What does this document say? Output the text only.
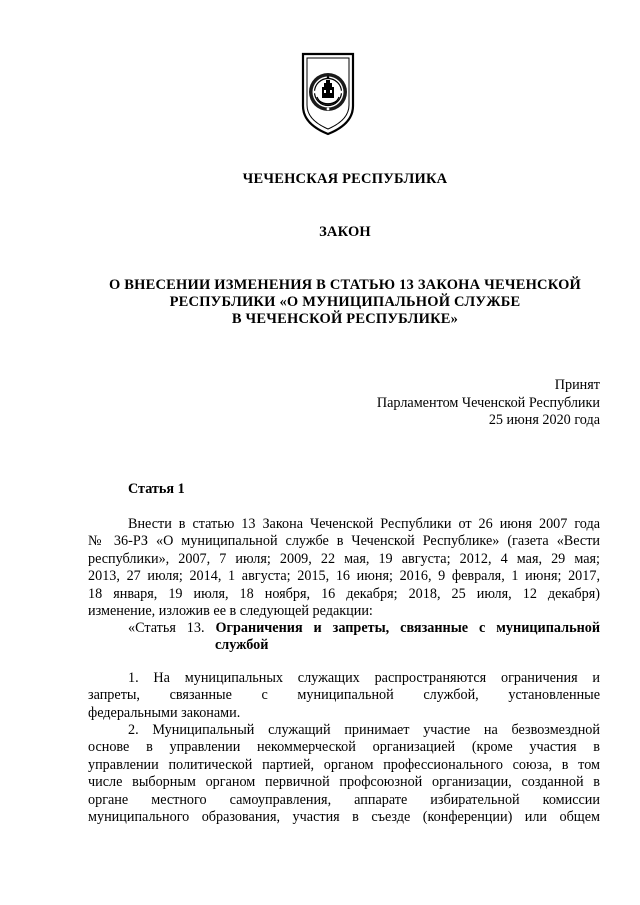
ЧЕЧЕНСКАЯ РЕСПУБЛИКА

ЗАКОН

О ВНЕСЕНИИ ИЗМЕНЕНИЯ В СТАТЬЮ 13 ЗАКОНА ЧЕЧЕНСКОЙ
РЕСПУБЛИКИ «О МУНИЦИПАЛЬНОЙ СЛУЖБЕ
В ЧЕЧЕНСКОЙ РЕСПУБЛИКЕ»

Принят
Парламентом Чеченской Республики
25 июня 2020 года

Статья 1

Внести в статью 13 Закона Чеченской Республики от 26 июня 2007 года
№ 36-РЗ «О муниципальной службе в Чеченской Республике» (газета «Вести
республики», 2007, 7 июля; 2009, 22 мая, 19 августа; 2012, 4 мая, 29 мая;
2013, 27 июля; 2014, 1 августа; 2015, 16 июня; 2016, 9 февраля, 1 июня; 2017,
18 января, 19 июля, 18 ноября, 16 декабря; 2018, 25 июля, 12 декабря)
изменение, изложив ее в следующей редакции:

«Статья 13. Ограничения и запреты, связанные с муниципальной
службой

1. На муниципальных служащих распространяются ограничения и
запреты, связанные с муниципальной службой, установленные
федеральными законами.

2. Муниципальный служащий принимает участие на безвозмездной
основе в управлении некоммерческой организацией (кроме участия в
управлении политической партией, органом профессионального союза, в том
числе выборным органом первичной профсоюзной организации, созданной в
органе местного самоуправления, аппарате избирательной комиссии
муниципального образования, участия в съезде (конференции) или общем
